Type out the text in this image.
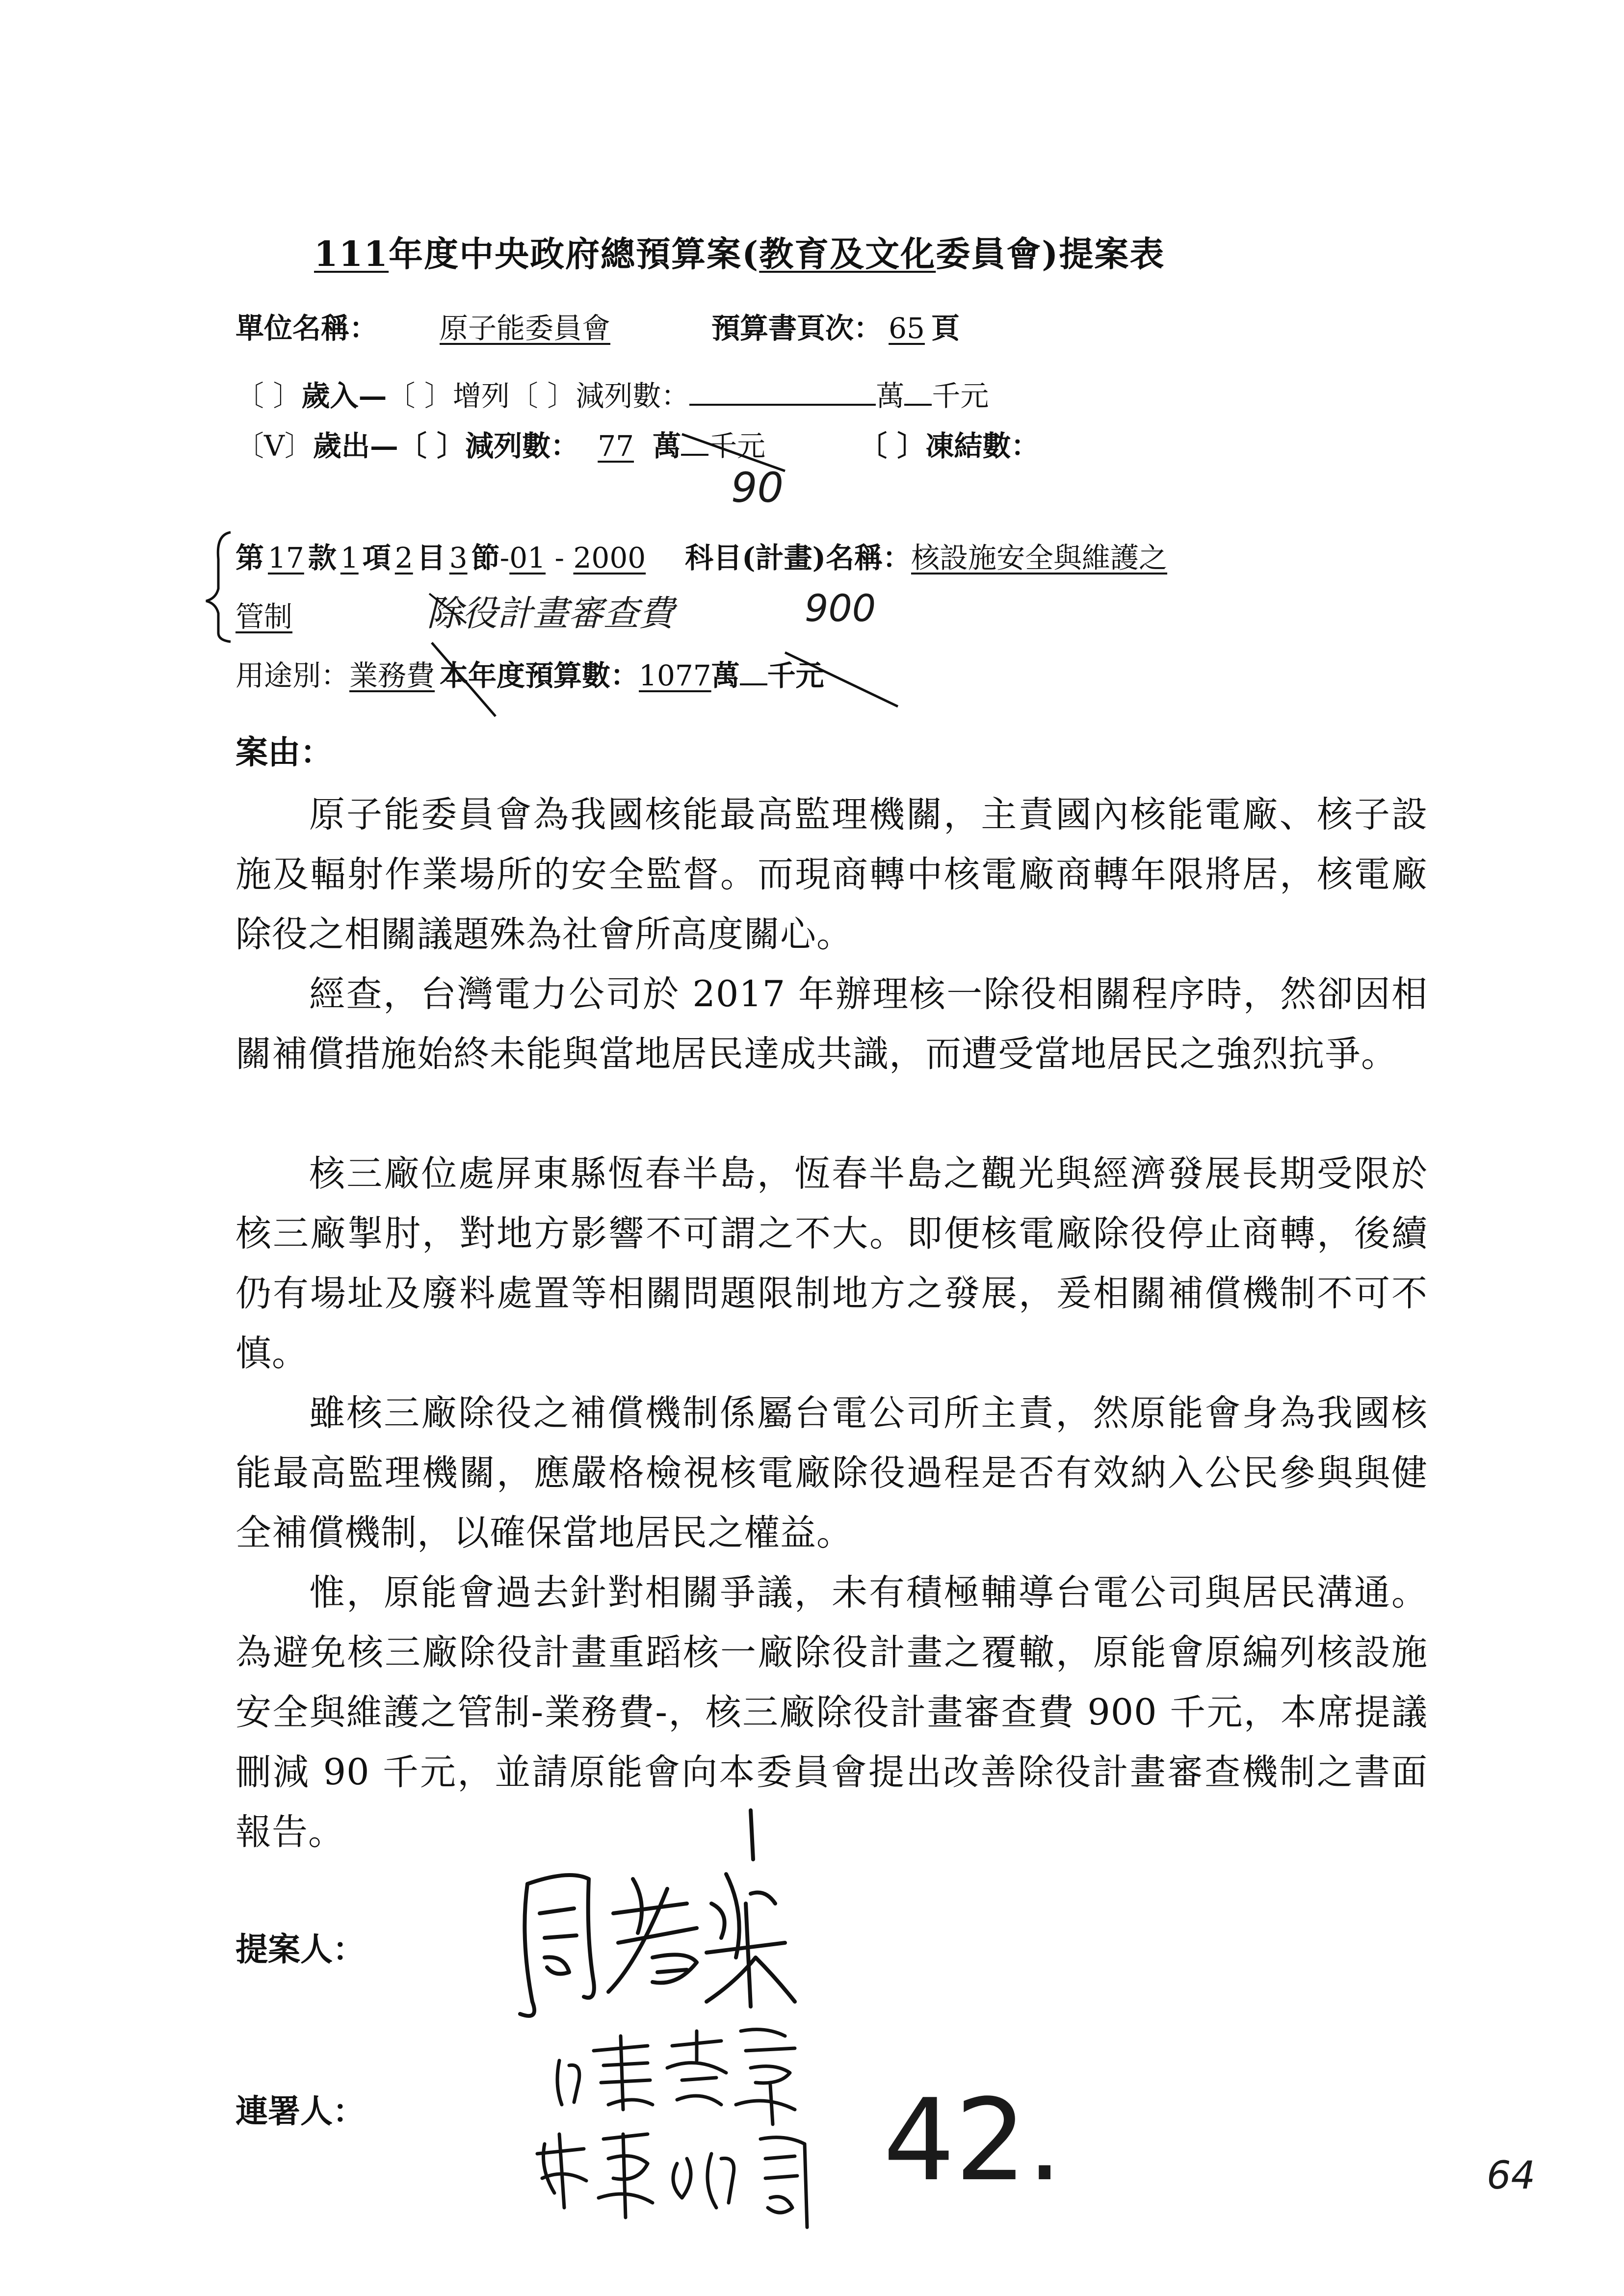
111年度中央政府總預算案(教育及文化委員會)提案表
單位名稱： 原子能委員會	預算書頁次： 65 頁
〔 〕歲入—〔 〕增列〔 〕減列數：	萬 千元
〔V〕歲出—〔 〕減列數： 77 萬 千元	〔 〕凍結數：
90
第 17 款 1 項 2 目 3 節-01 - 2000 科目(計畫)名稱：核設施安全與維護之
管制	除役計畫審查費	900
用途別：業務費 本年度預算數：1077萬 千元
案由：
原子能委員會為我國核能最高監理機關，主責國內核能電廠、核子設施及輻射作業場所的安全監督。而現商轉中核電廠商轉年限將居，核電廠除役之相關議題殊為社會所高度關心。
經查，台灣電力公司於 2017 年辦理核一除役相關程序時，然卻因相關補償措施始終未能與當地居民達成共識，而遭受當地居民之強烈抗爭。
核三廠位處屏東縣恆春半島，恆春半島之觀光與經濟發展長期受限於核三廠掣肘，對地方影響不可謂之不大。即便核電廠除役停止商轉，後續仍有場址及廢料處置等相關問題限制地方之發展，爰相關補償機制不可不慎。
雖核三廠除役之補償機制係屬台電公司所主責，然原能會身為我國核能最高監理機關，應嚴格檢視核電廠除役過程是否有效納入公民參與與健全補償機制，以確保當地居民之權益。
惟，原能會過去針對相關爭議，未有積極輔導台電公司與居民溝通。為避免核三廠除役計畫重蹈核一廠除役計畫之覆轍，原能會原編列核設施安全與維護之管制-業務費-，核三廠除役計畫審查費 900 千元，本席提議刪減 90 千元，並請原能會向本委員會提出改善除役計畫審查機制之書面報告。
提案人：
連署人：	42.	64
